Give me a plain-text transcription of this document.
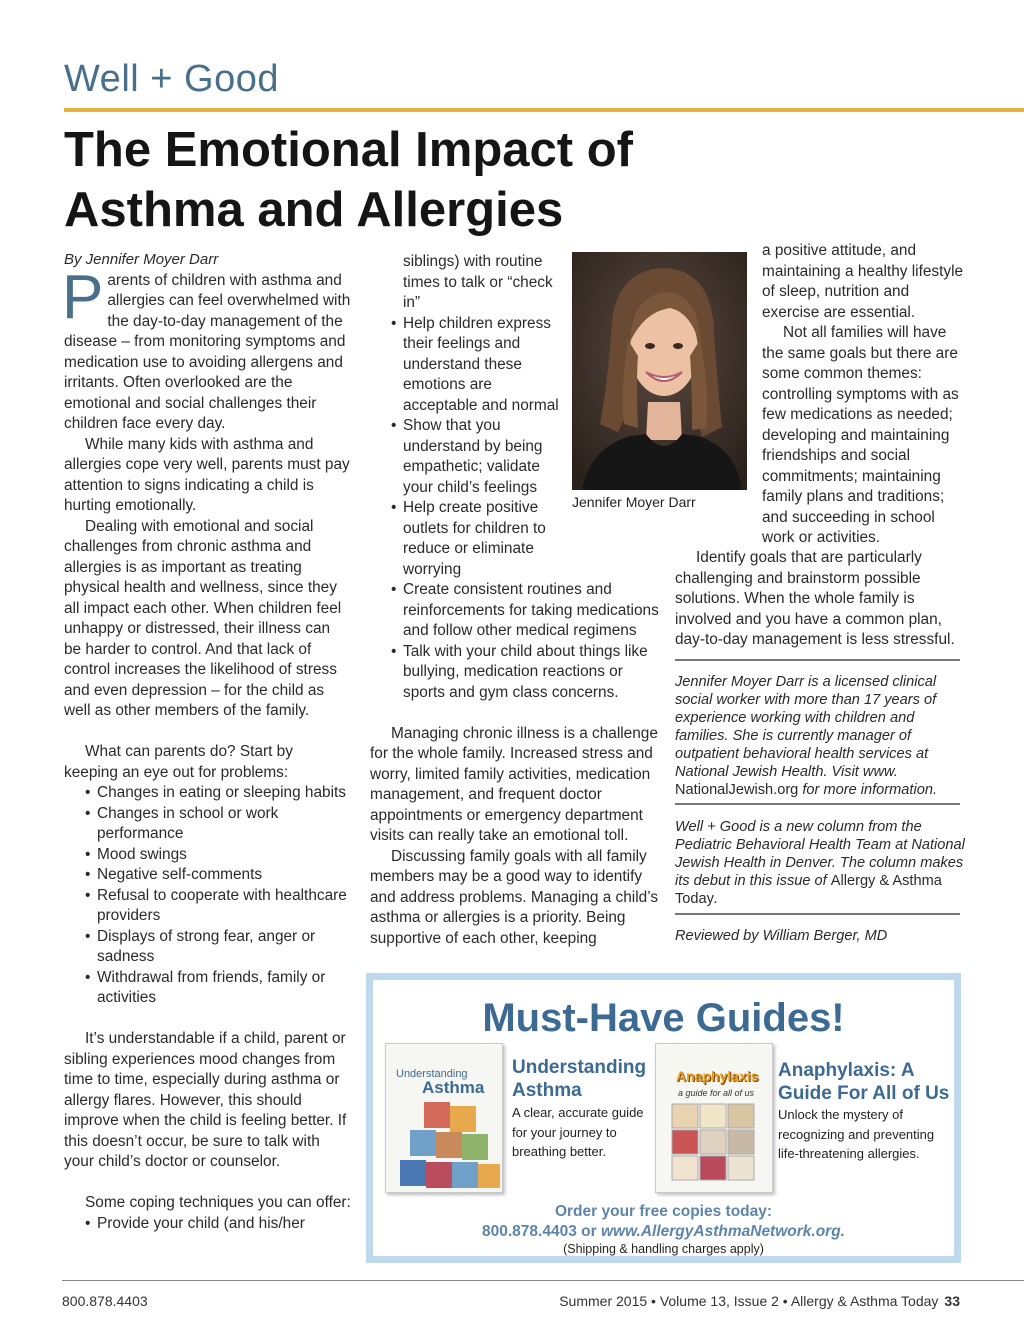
Well + Good
The Emotional Impact of
Asthma and Allergies

By Jennifer Moyer Darr

Parents of children with asthma and allergies can feel overwhelmed with the day-to-day management of the disease – from monitoring symptoms and medication use to avoiding allergens and irritants. Often overlooked are the emotional and social challenges their children face every day.

While many kids with asthma and allergies cope very well, parents must pay attention to signs indicating a child is hurting emotionally.

Dealing with emotional and social challenges from chronic asthma and allergies is as important as treating physical health and wellness, since they all impact each other. When children feel unhappy or distressed, their illness can be harder to control. And that lack of control increases the likelihood of stress and even depression – for the child as well as other members of the family.

What can parents do? Start by keeping an eye out for problems:

• Changes in eating or sleeping habits
• Changes in school or work performance
• Mood swings
• Negative self-comments
• Refusal to cooperate with healthcare providers
• Displays of strong fear, anger or sadness
• Withdrawal from friends, family or activities

It’s understandable if a child, parent or sibling experiences mood changes from time to time, especially during asthma or allergy flares. However, this should improve when the child is feeling better. If this doesn’t occur, be sure to talk with your child’s doctor or counselor.

Some coping techniques you can offer:

• Provide your child (and his/her

siblings) with routine times to talk or “check in”

• Help children express their feelings and understand these emotions are acceptable and normal
• Show that you understand by being empathetic; validate your child’s feelings
• Help create positive outlets for children to reduce or eliminate worrying
• Create consistent routines and reinforcements for taking medications and follow other medical regimens
• Talk with your child about things like bullying, medication reactions or sports and gym class concerns.

Managing chronic illness is a challenge for the whole family. Increased stress and worry, limited family activities, medication management, and frequent doctor appointments or emergency department visits can really take an emotional toll.

Discussing family goals with all family members may be a good way to identify and address problems. Managing a child’s asthma or allergies is a priority. Being supportive of each other, keeping

Jennifer Moyer Darr

a positive attitude, and maintaining a healthy lifestyle of sleep, nutrition and exercise are essential.

Not all families will have the same goals but there are some common themes: controlling symptoms with as few medications as needed; developing and maintaining friendships and social commitments; maintaining family plans and traditions; and succeeding in school work or activities.

Identify goals that are particularly challenging and brainstorm possible solutions. When the whole family is involved and you have a common plan, day-to-day management is less stressful.

Jennifer Moyer Darr is a licensed clinical social worker with more than 17 years of experience working with children and families. She is currently manager of outpatient behavioral health services at National Jewish Health. Visit www.
NationalJewish.org for more information.

Well + Good is a new column from the Pediatric Behavioral Health Team at National Jewish Health in Denver. The column makes its debut in this issue of Allergy & Asthma Today.

Reviewed by William Berger, MD

Must-Have Guides!
Understanding
Asthma
Understanding
Asthma
A clear, accurate guide
for your journey to
breathing better.
Anaphylaxis
a guide for all of us
Anaphylaxis: A
Guide For All of Us
Unlock the mystery of
recognizing and preventing
life-threatening allergies.
Order your free copies today:
800.878.4403 or www.AllergyAsthmaNetwork.org.
(Shipping & handling charges apply)
800.878.4403	Summer 2015 • Volume 13, Issue 2 • Allergy & Asthma Today 33
